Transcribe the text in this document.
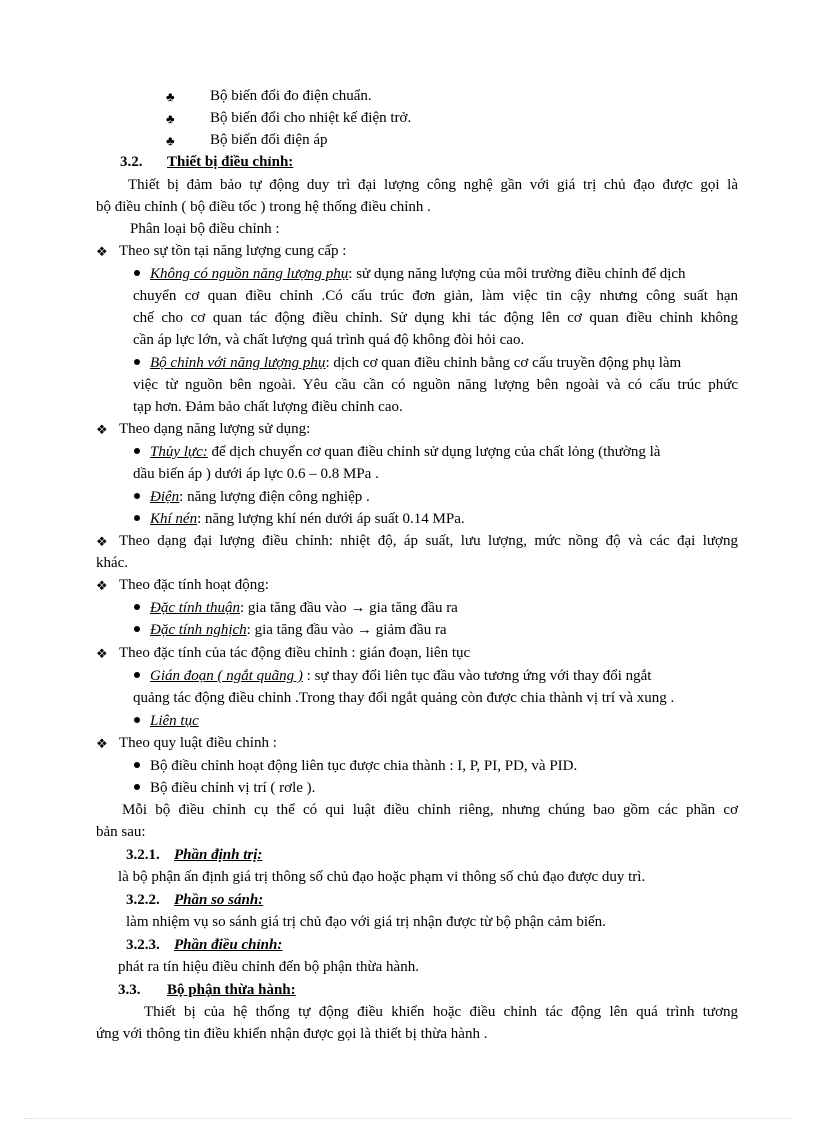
♣ Bộ biến đổi đo điện chuẩn.
♣ Bộ biến đổi cho nhiệt kế điện trở.
♣ Bộ biến đổi điện áp
3.2. Thiết bị điều chỉnh:
Thiết bị đảm bảo tự động duy trì đại lượng công nghệ gần với giá trị chủ đạo được gọi là
bộ điều chỉnh ( bộ điều tốc ) trong hệ thống điều chỉnh .
Phân loại bộ điều chỉnh :
❖ Theo sự tồn tại năng lượng cung cấp :
Không có nguồn năng lượng phụ: sử dụng năng lượng của môi trường điều chỉnh để dịch
chuyển cơ quan điều chỉnh .Có cấu trúc đơn giản, làm việc tin cậy nhưng công suất hạn
chế cho cơ quan tác động điều chỉnh. Sử dụng khi tác động lên cơ quan điều chỉnh không
cần áp lực lớn, và chất lượng quá trình quá độ không đòi hỏi cao.
Bộ chỉnh với năng lượng phụ: dịch cơ quan điều chỉnh bằng cơ cấu truyền động phụ làm
việc từ nguồn bên ngoài. Yêu cầu cần có nguồn năng lượng bên ngoài và có cấu trúc phức
tạp hơn. Đảm bảo chất lượng điều chỉnh cao.
❖ Theo dạng năng lượng sử dụng:
Thủy lực: để dịch chuyển cơ quan điều chỉnh sử dụng lượng của chất lỏng (thường là
dầu biến áp ) dưới áp lực 0.6 – 0.8 MPa .
Điện: năng lượng điện công nghiệp .
Khí nén: năng lượng khí nén dưới áp suất 0.14 MPa.
❖ Theo dạng đại lượng điều chỉnh: nhiệt độ, áp suất, lưu lượng, mức nồng độ và các đại lượng
khác.
❖ Theo đặc tính hoạt động:
Đặc tính thuận: gia tăng đầu vào → gia tăng đầu ra
Đặc tính nghịch: gia tăng đầu vào → giảm đầu ra
❖ Theo đặc tính của tác động điều chỉnh : gián đoạn, liên tục
Gián đoạn ( ngắt quãng ) : sự thay đổi liên tục đầu vào tương ứng với thay đổi ngắt
quảng tác động điều chỉnh .Trong thay đổi ngắt quảng còn được chia thành vị trí và xung .
Liên tục
❖ Theo quy luật điều chỉnh :
Bộ điều chỉnh hoạt động liên tục được chia thành : I, P, PI, PD, và PID.
Bộ điều chỉnh vị trí ( rơle ).
Mỗi bộ điều chỉnh cụ thể có qui luật điều chỉnh riêng, nhưng chúng bao gồm các phần cơ
bản sau:
3.2.1. Phần định trị:
là bộ phận ấn định giá trị thông số chủ đạo hoặc phạm vi thông số chủ đạo được duy trì.
3.2.2. Phần so sánh:
làm nhiệm vụ so sánh giá trị chủ đạo với giá trị nhận được từ bộ phận cảm biến.
3.2.3. Phần điều chỉnh:
phát ra tín hiệu điều chỉnh đến bộ phận thừa hành.
3.3. Bộ phận thừa hành:
Thiết bị của hệ thống tự động điều khiển hoặc điều chỉnh tác động lên quá trình tương
ứng với thông tin điều khiển nhận được gọi là thiết bị thừa hành .
